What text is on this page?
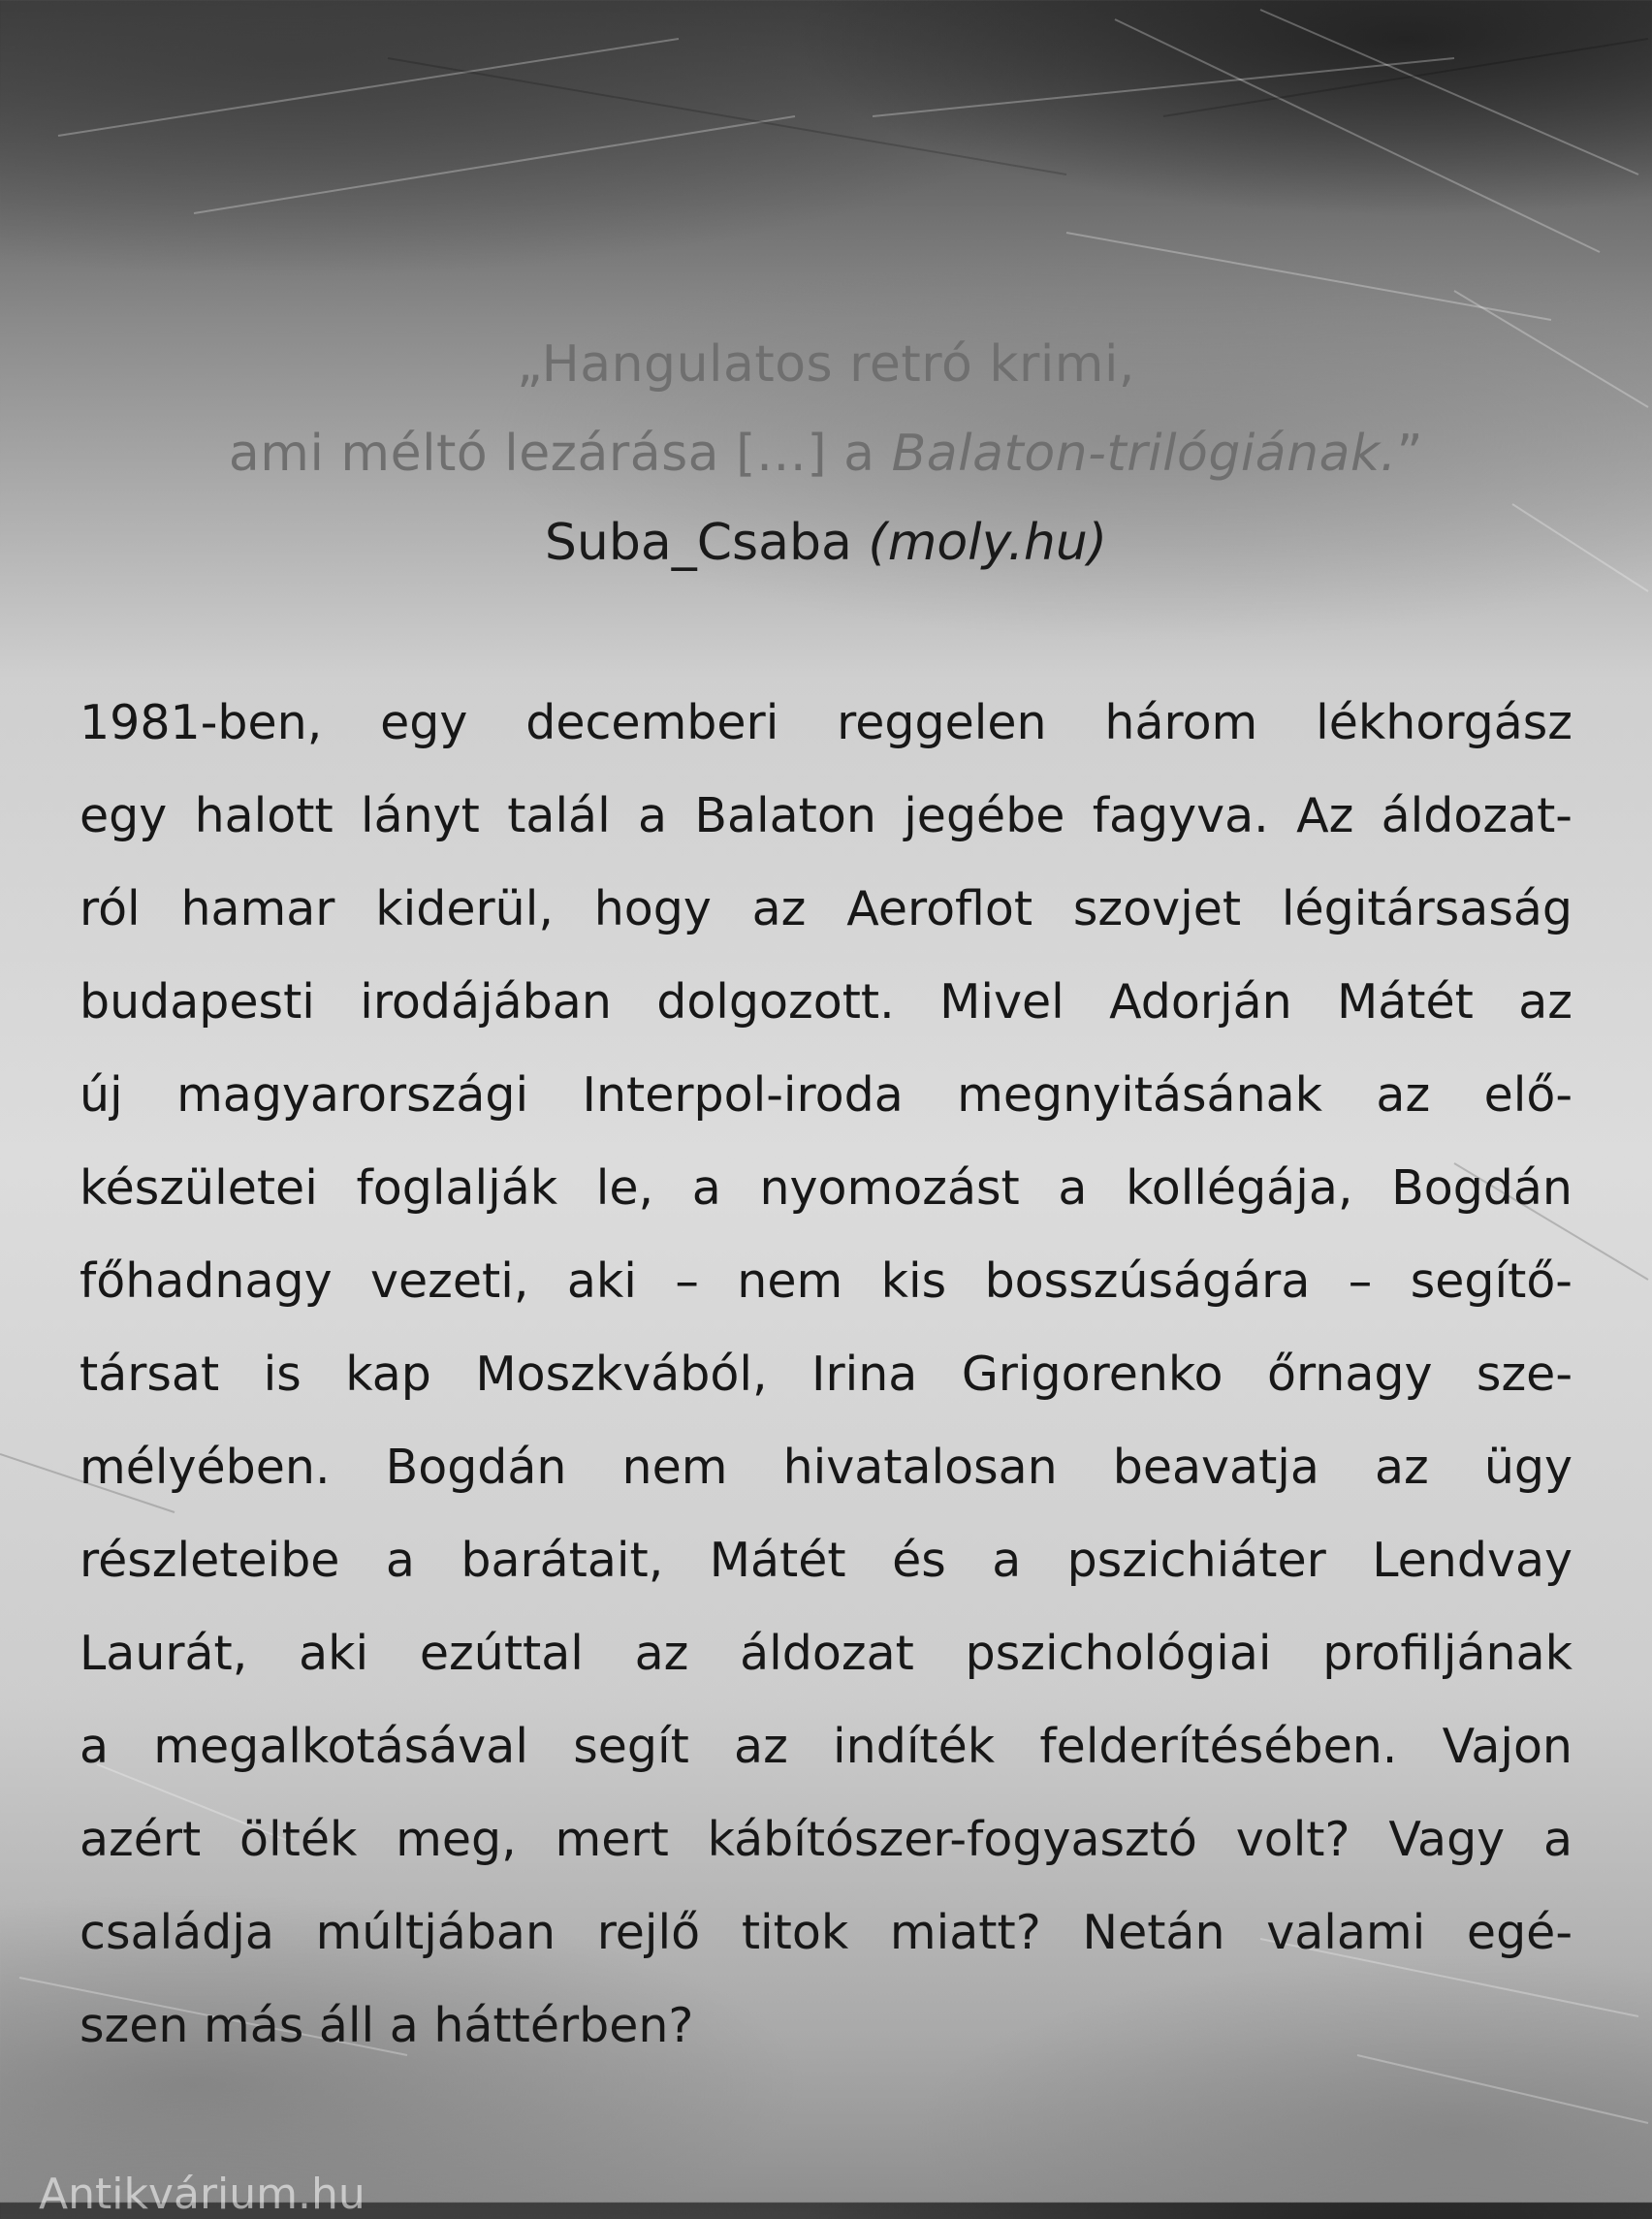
„Hangulatos retró krimi,
ami méltó lezárása […] a Balaton-trilógiának.”
Suba_Csaba (moly.hu)
1981-ben, egy decemberi reggelen három lékhorgász
egy halott lányt talál a Balaton jegébe fagyva. Az áldozat-
ról hamar kiderül, hogy az Aeroflot szovjet légitársaság
budapesti irodájában dolgozott. Mivel Adorján Mátét az
új magyarországi Interpol-iroda megnyitásának az elő-
készületei foglalják le, a nyomozást a kollégája, Bogdán
főhadnagy vezeti, aki – nem kis bosszúságára – segítő-
társat is kap Moszkvából, Irina Grigorenko őrnagy sze-
mélyében. Bogdán nem hivatalosan beavatja az ügy
részleteibe a barátait, Mátét és a pszichiáter Lendvay
Laurát, aki ezúttal az áldozat pszichológiai profiljának
a megalkotásával segít az indíték felderítésében. Vajon
azért ölték meg, mert kábítószer-fogyasztó volt? Vagy a
családja múltjában rejlő titok miatt? Netán valami egé-
szen más áll a háttérben?
Antikvárium.hu
